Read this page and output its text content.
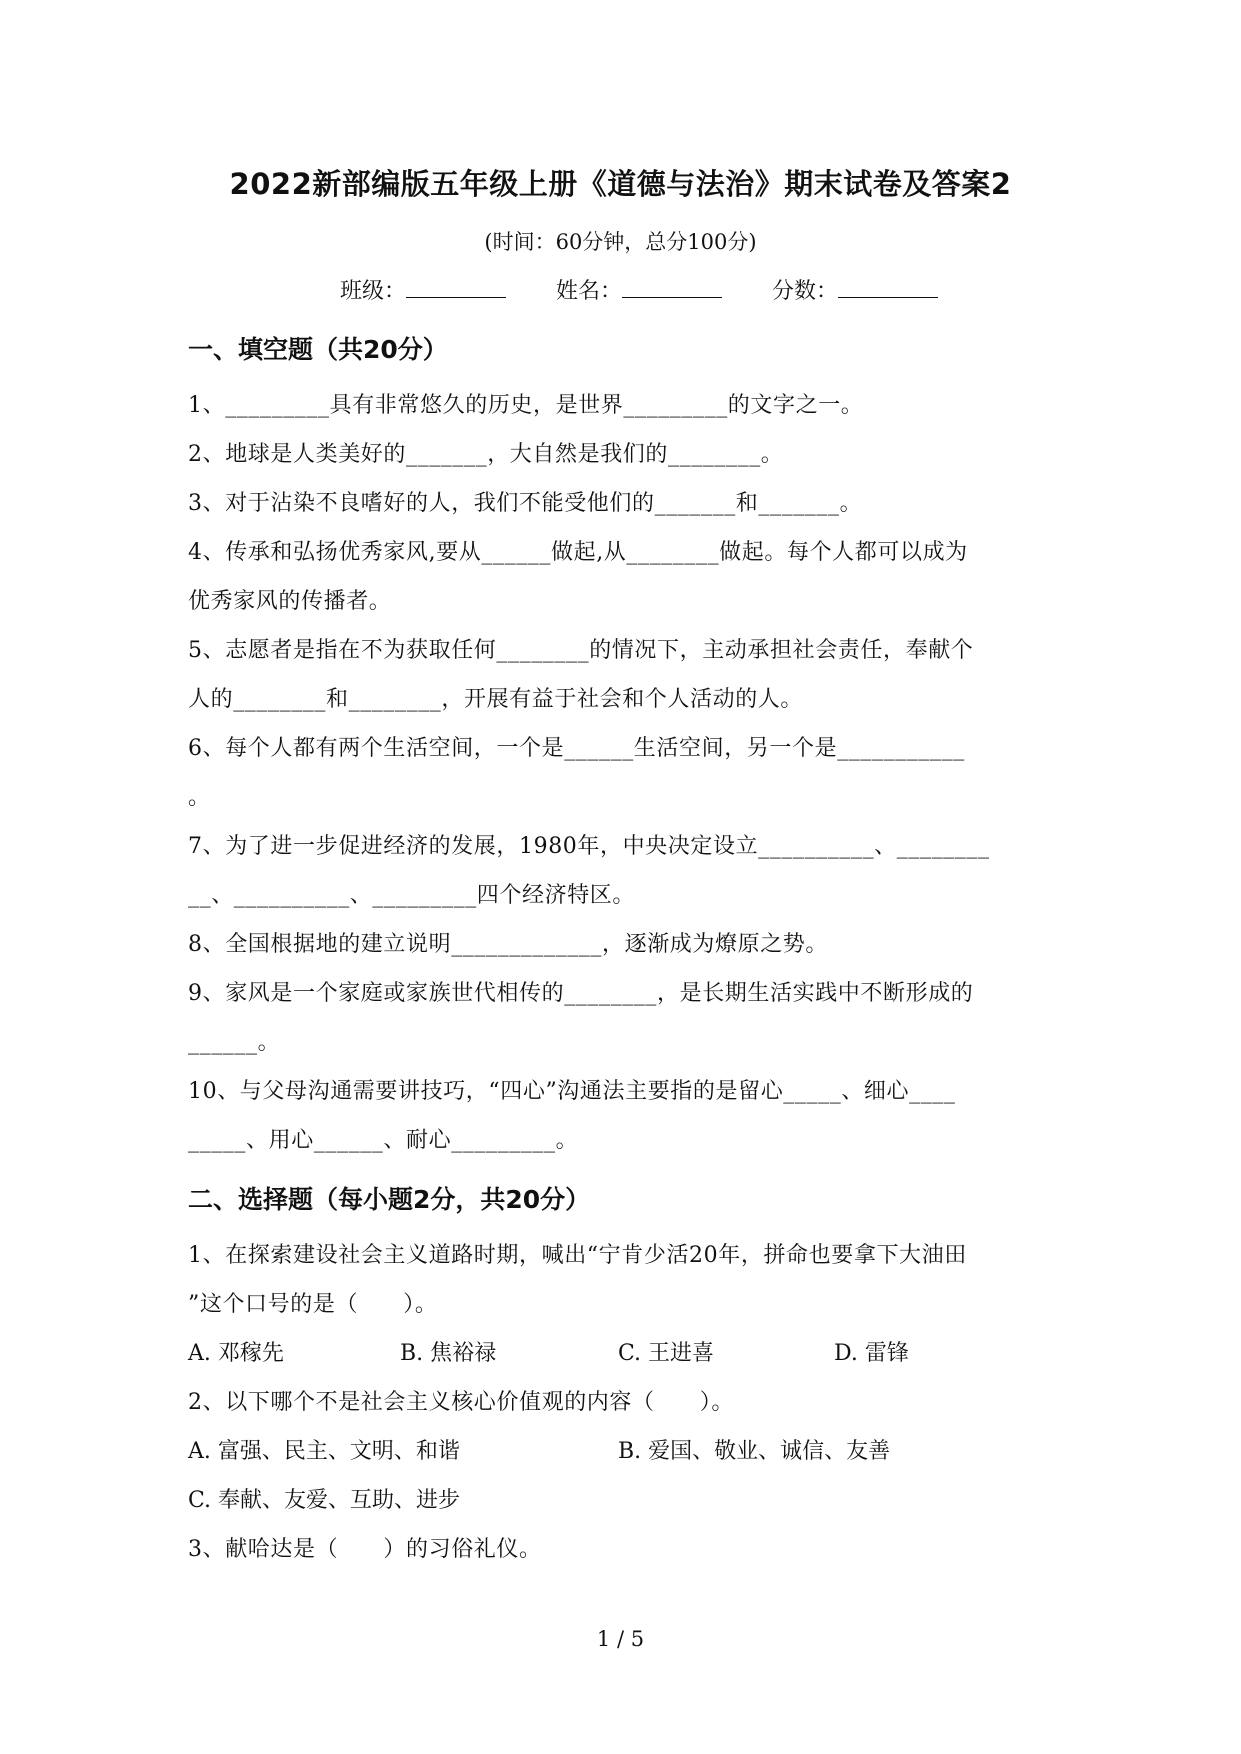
2022新部编版五年级上册《道德与法治》期末试卷及答案2
(时间：60分钟，总分100分)
班级：	姓名：	分数：
一、填空题（共20分）
1、_________具有非常悠久的历史，是世界_________的文字之一。
2、地球是人类美好的_______，大自然是我们的________。
3、对于沾染不良嗜好的人，我们不能受他们的_______和_______。
4、传承和弘扬优秀家风,要从______做起,从________做起。每个人都可以成为
优秀家风的传播者。
5、志愿者是指在不为获取任何________的情况下，主动承担社会责任，奉献个
人的________和________，开展有益于社会和个人活动的人。
6、每个人都有两个生活空间，一个是______生活空间，另一个是___________
。
7、为了进一步促进经济的发展，1980年，中央决定设立__________、________
__、__________、_________四个经济特区。
8、全国根据地的建立说明_____________，逐渐成为燎原之势。
9、家风是一个家庭或家族世代相传的________，是长期生活实践中不断形成的
______。
10、与父母沟通需要讲技巧，“四心”沟通法主要指的是留心_____、细心____
_____、用心______、耐心_________。
二、选择题（每小题2分，共20分）
1、在探索建设社会主义道路时期，喊出“宁肯少活20年，拼命也要拿下大油田
”这个口号的是（　　）。
A. 邓稼先	B. 焦裕禄	C. 王进喜	D. 雷锋
2、以下哪个不是社会主义核心价值观的内容（　　）。
A. 富强、民主、文明、和谐	B. 爱国、敬业、诚信、友善
C. 奉献、友爱、互助、进步
3、献哈达是（　　）的习俗礼仪。
1 / 5
